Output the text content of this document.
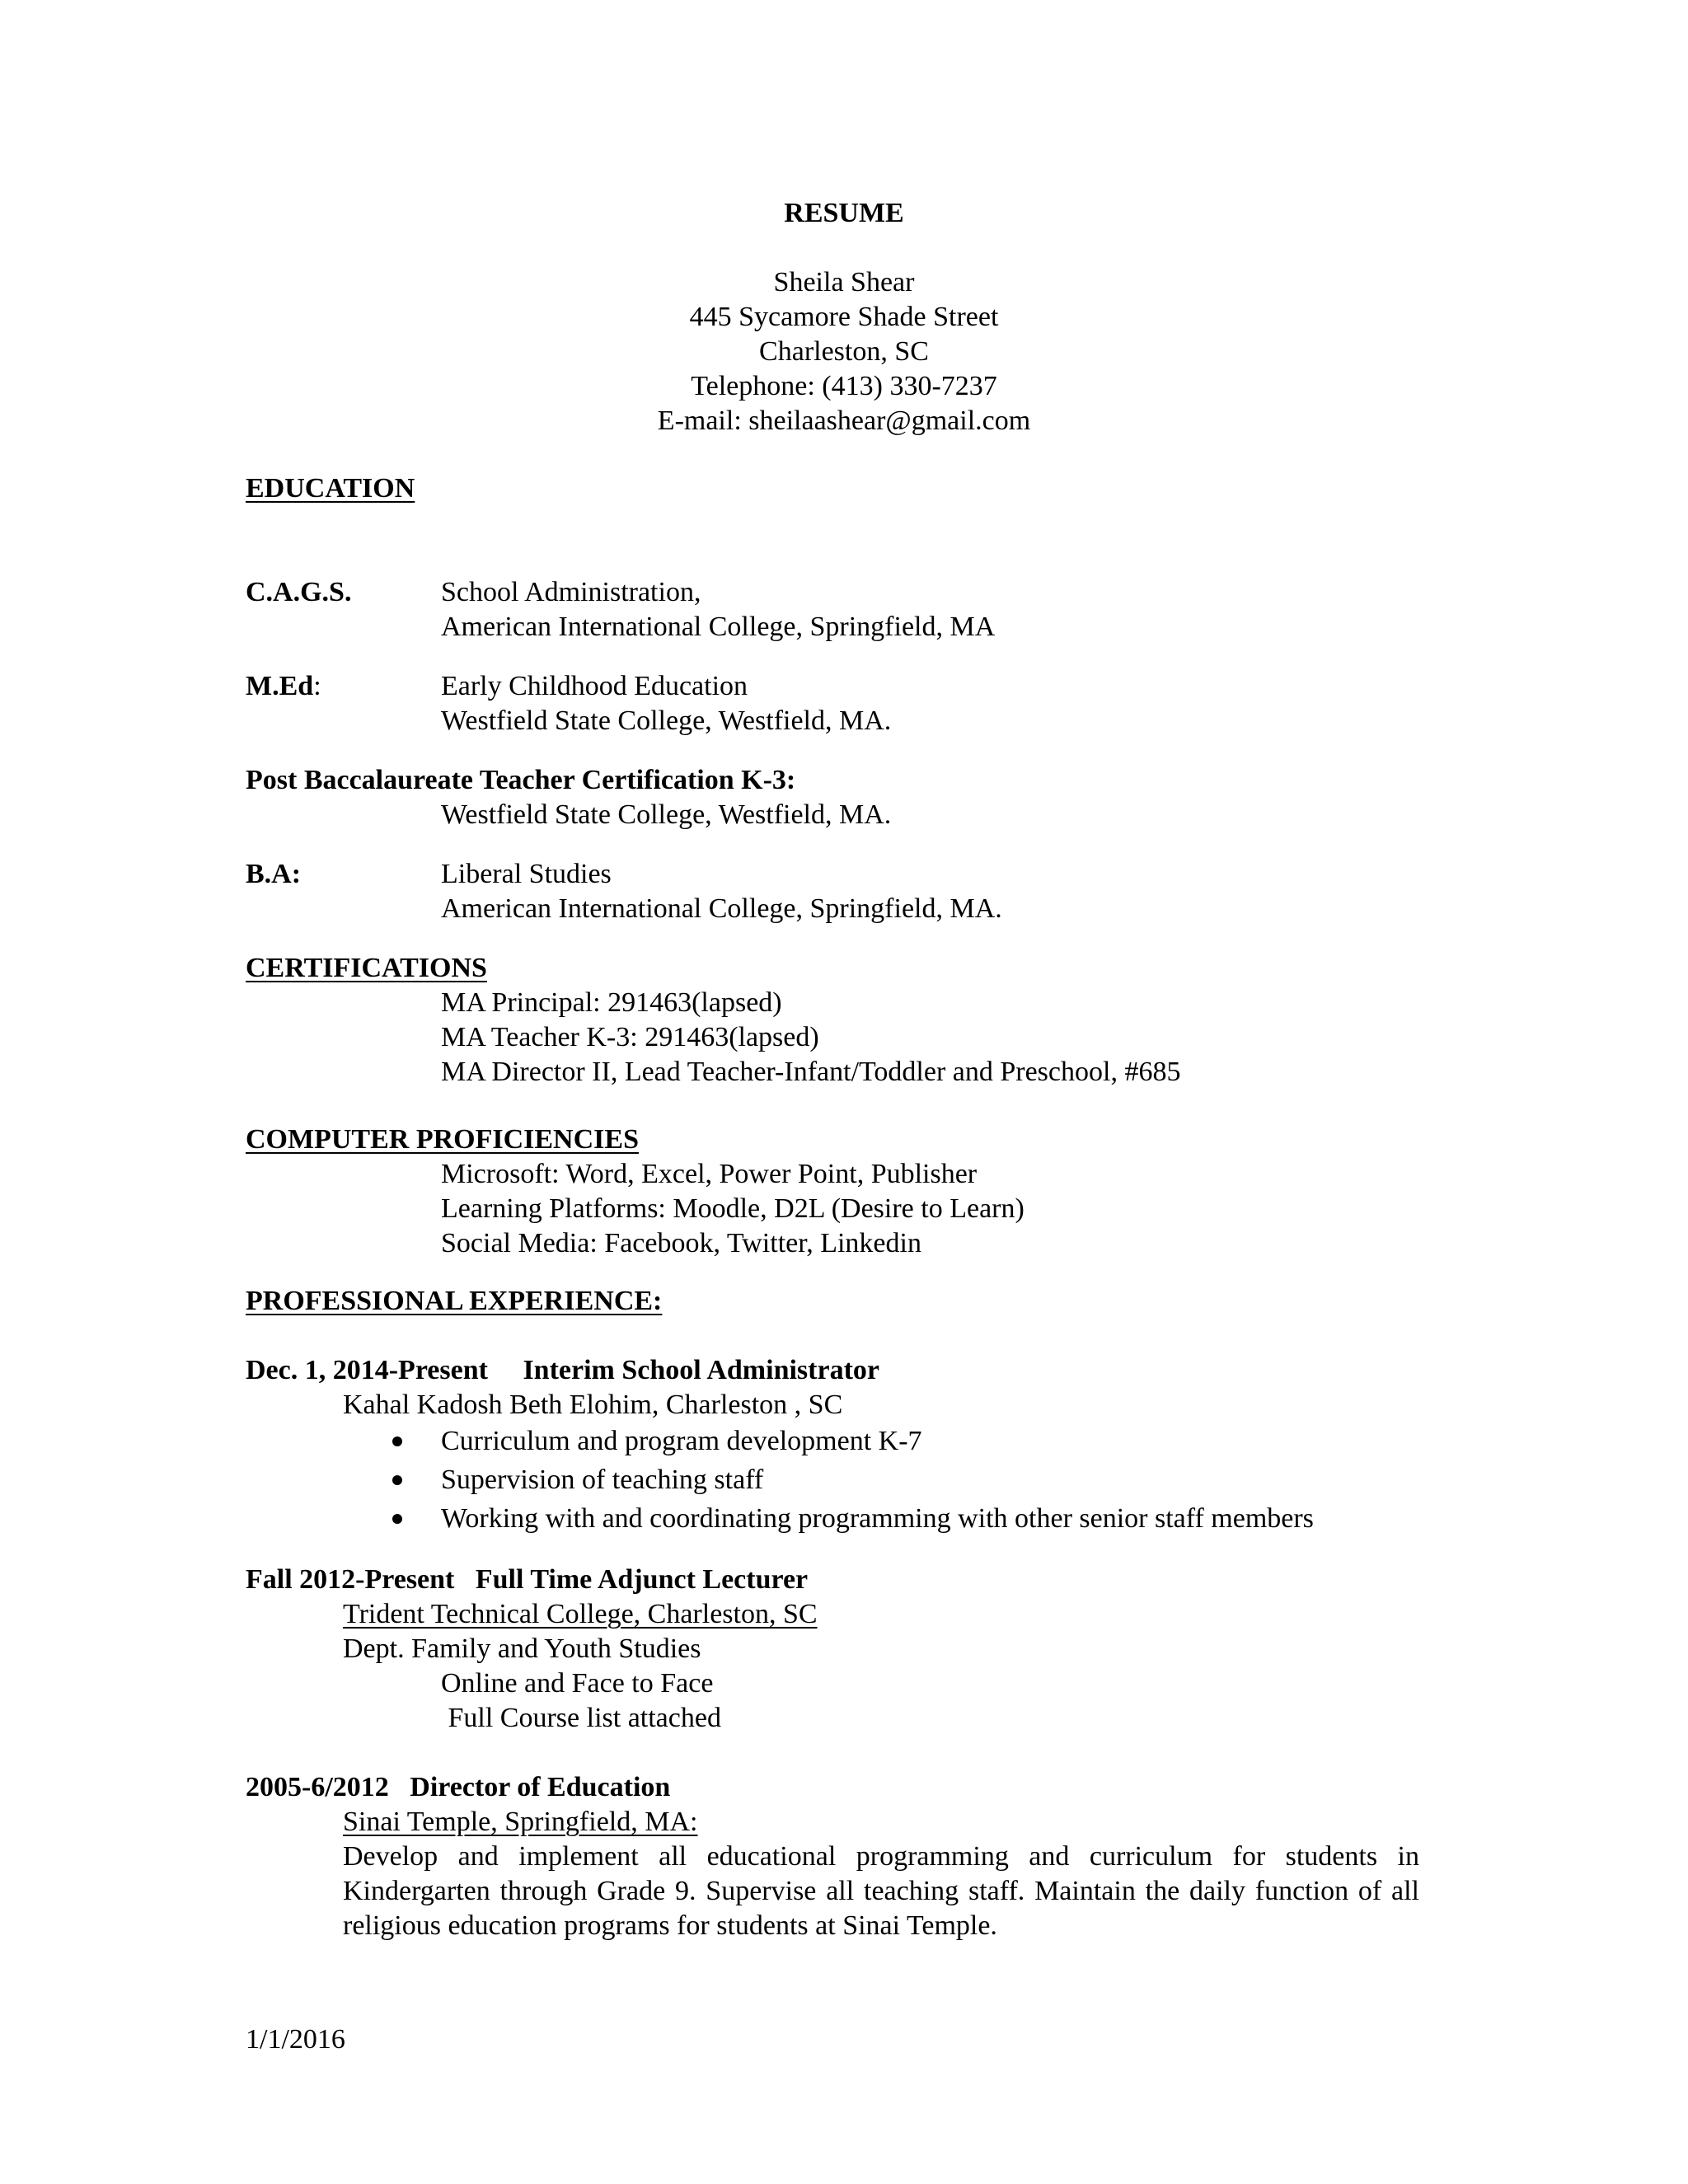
RESUME
Sheila Shear
445 Sycamore Shade Street
Charleston, SC
Telephone: (413) 330-7237
E-mail: sheilaashear@gmail.com
EDUCATION
C.A.G.S.	School Administration,
American International College, Springfield, MA
M.Ed:	Early Childhood Education
Westfield State College, Westfield, MA.
Post Baccalaureate Teacher Certification K-3:
Westfield State College, Westfield, MA.
B.A:	Liberal Studies
American International College, Springfield, MA.
CERTIFICATIONS
MA Principal: 291463(lapsed)
MA Teacher K-3: 291463(lapsed)
MA Director II, Lead Teacher-Infant/Toddler and Preschool, #685
COMPUTER PROFICIENCIES
Microsoft: Word, Excel, Power Point, Publisher
Learning Platforms: Moodle, D2L (Desire to Learn)
Social Media: Facebook, Twitter, Linkedin
PROFESSIONAL EXPERIENCE:
Dec. 1, 2014-Present     Interim School Administrator
Kahal Kadosh Beth Elohim, Charleston , SC
Curriculum and program development K-7
Supervision of teaching staff
Working with and coordinating programming with other senior staff members
Fall 2012-Present   Full Time Adjunct Lecturer
Trident Technical College, Charleston, SC
Dept. Family and Youth Studies
Online and Face to Face
Full Course list attached
2005-6/2012   Director of Education
Sinai Temple, Springfield, MA:
Develop and implement all educational programming and curriculum for students in Kindergarten through Grade 9. Supervise all teaching staff. Maintain the daily function of all religious education programs for students at Sinai Temple.
1/1/2016
